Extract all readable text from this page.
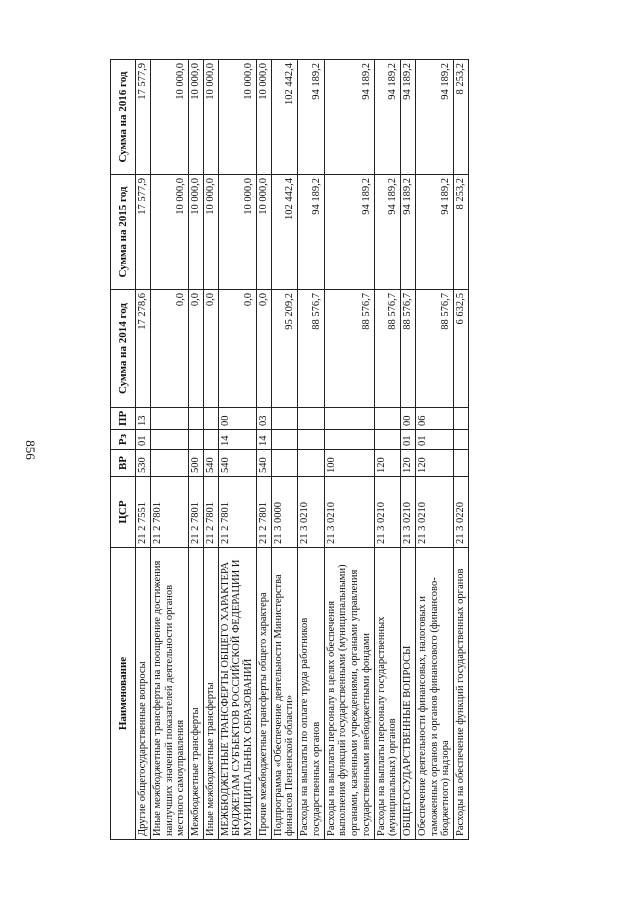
856
Наименование	ЦСР	ВР	Рз	ПР	Сумма на 2014 год	Сумма на 2015 год	Сумма на 2016 год
Другие общегосударственные вопросы	21 2 7551	530	01	13	17 278,6	17 577,9	17 577,9
Иные межбюджетные трансферты на поощрение достижения наилучших значений показателей деятельности органов местного самоуправления	21 2 7801				0,0	10 000,0	10 000,0
Межбюджетные трансферты	21 2 7801	500			0,0	10 000,0	10 000,0
Иные межбюджетные трансферты	21 2 7801	540			0,0	10 000,0	10 000,0
МЕЖБЮДЖЕТНЫЕ ТРАНСФЕРТЫ ОБЩЕГО ХАРАКТЕРА БЮДЖЕТАМ СУБЪЕКТОВ РОССИЙСКОЙ ФЕДЕРАЦИИ И МУНИЦИПАЛЬНЫХ ОБРАЗОВАНИЙ	21 2 7801	540	14	00	0,0	10 000,0	10 000,0
Прочие межбюджетные трансферты общего характера	21 2 7801	540	14	03	0,0	10 000,0	10 000,0
Подпрограмма «Обеспечение деятельности Министерства финансов Пензенской области»	21 3 0000				95 209,2	102 442,4	102 442,4
Расходы на выплаты по оплате труда работников государственных органов	21 3 0210				88 576,7	94 189,2	94 189,2
Расходы на выплаты персоналу в целях обеспечения выполнения функций государственными (муниципальными) органами, казенными учреждениями, органами управления государственными внебюджетными фондами	21 3 0210	100			88 576,7	94 189,2	94 189,2
Расходы на выплаты персоналу государственных (муниципальных) органов	21 3 0210	120			88 576,7	94 189,2	94 189,2
ОБЩЕГОСУДАРСТВЕННЫЕ ВОПРОСЫ	21 3 0210	120	01	00	88 576,7	94 189,2	94 189,2
Обеспечение деятельности финансовых, налоговых и таможенных органов и органов финансового (финансово-бюджетного) надзора	21 3 0210	120	01	06	88 576,7	94 189,2	94 189,2
Расходы на обеспечение функций государственных органов	21 3 0220				6 632,5	8 253,2	8 253,2
